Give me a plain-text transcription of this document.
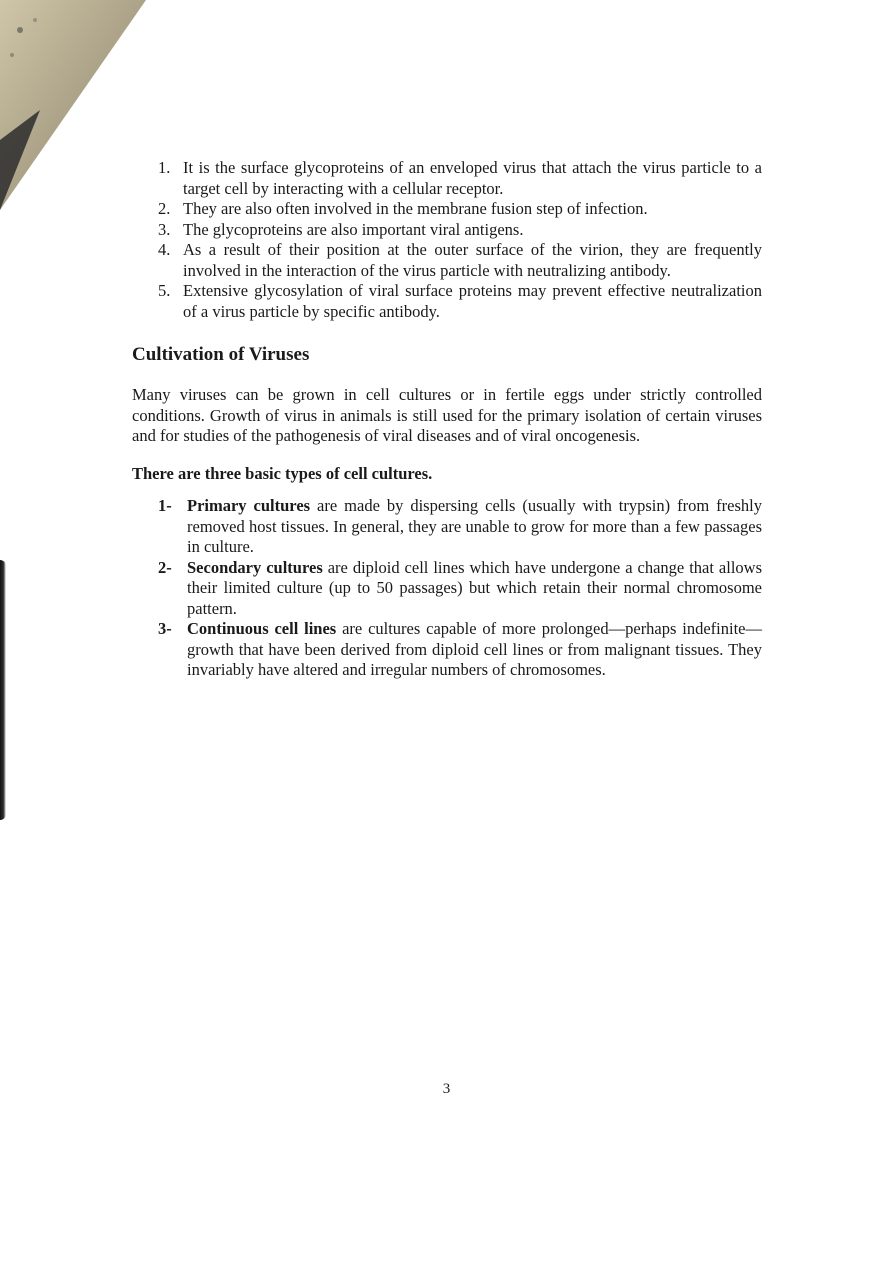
1. It is the surface glycoproteins of an enveloped virus that attach the virus particle to a target cell by interacting with a cellular receptor.
2. They are also often involved in the membrane fusion step of infection.
3. The glycoproteins are also important viral antigens.
4. As a result of their position at the outer surface of the virion, they are frequently involved in the interaction of the virus particle with neutralizing antibody.
5. Extensive glycosylation of viral surface proteins may prevent effective neutralization of a virus particle by specific antibody.
Cultivation of Viruses

Many viruses can be grown in cell cultures or in fertile eggs under strictly controlled conditions. Growth of virus in animals is still used for the primary isolation of certain viruses and for studies of the pathogenesis of viral diseases and of viral oncogenesis.

There are three basic types of cell cultures.

1- Primary cultures are made by dispersing cells (usually with trypsin) from freshly removed host tissues. In general, they are unable to grow for more than a few passages in culture.
2- Secondary cultures are diploid cell lines which have undergone a change that allows their limited culture (up to 50 passages) but which retain their normal chromosome pattern.
3- Continuous cell lines are cultures capable of more prolonged—perhaps indefinite—growth that have been derived from diploid cell lines or from malignant tissues. They invariably have altered and irregular numbers of chromosomes.
3
